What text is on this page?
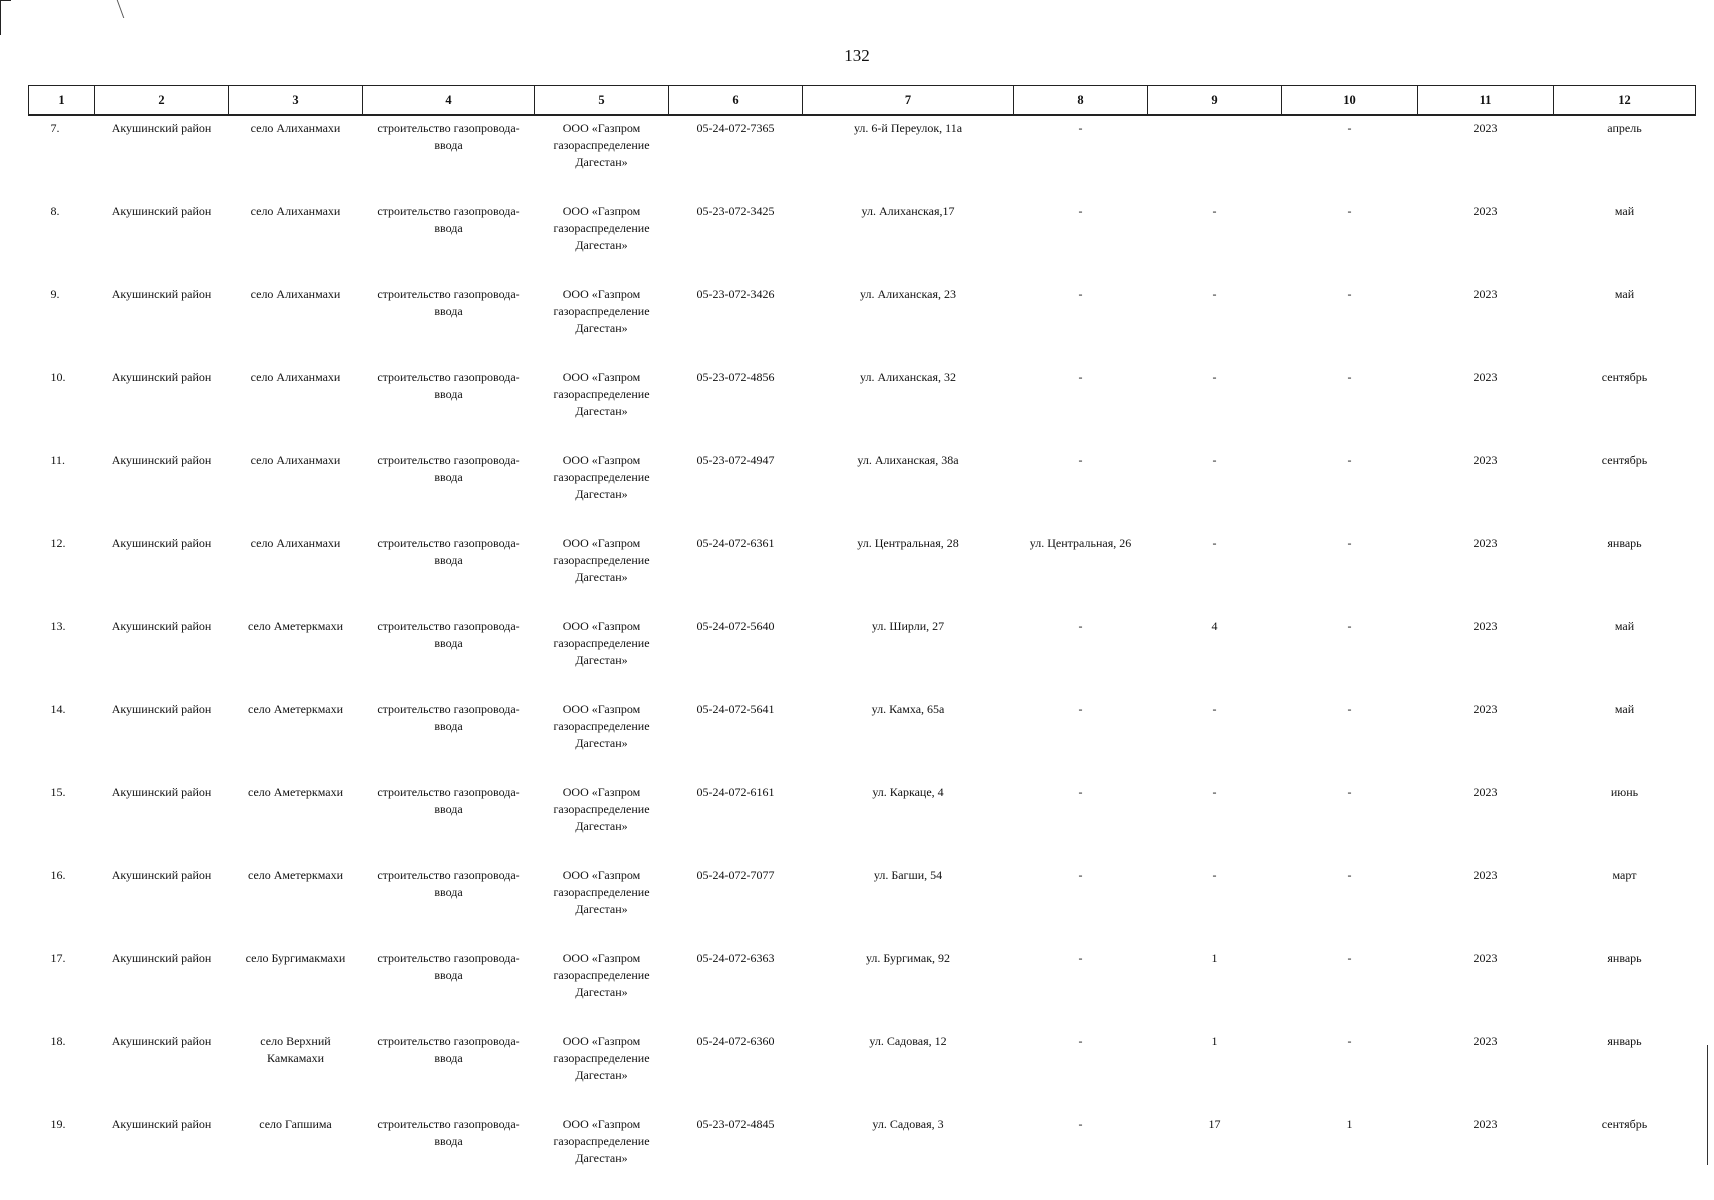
132
1	2	3	4	5	6	7	8	9	10	11	12
7.	Акушинский район	село Алиханмахи	строительство газопровода-ввода	ООО «Газпром газораспределение Дагестан»	05-24-072-7365	ул. 6-й Переулок, 11а	-		-	2023	апрель
8.	Акушинский район	село Алиханмахи	строительство газопровода-ввода	ООО «Газпром газораспределение Дагестан»	05-23-072-3425	ул. Алиханская,17	-	-	-	2023	май
9.	Акушинский район	село Алиханмахи	строительство газопровода-ввода	ООО «Газпром газораспределение Дагестан»	05-23-072-3426	ул. Алиханская, 23	-	-	-	2023	май
10.	Акушинский район	село Алиханмахи	строительство газопровода-ввода	ООО «Газпром газораспределение Дагестан»	05-23-072-4856	ул. Алиханская, 32	-	-	-	2023	сентябрь
11.	Акушинский район	село Алиханмахи	строительство газопровода-ввода	ООО «Газпром газораспределение Дагестан»	05-23-072-4947	ул. Алиханская, 38а	-	-	-	2023	сентябрь
12.	Акушинский район	село Алиханмахи	строительство газопровода-ввода	ООО «Газпром газораспределение Дагестан»	05-24-072-6361	ул. Центральная, 28	ул. Центральная, 26	-	-	2023	январь
13.	Акушинский район	село Аметеркмахи	строительство газопровода-ввода	ООО «Газпром газораспределение Дагестан»	05-24-072-5640	ул. Ширли, 27	-	4	-	2023	май
14.	Акушинский район	село Аметеркмахи	строительство газопровода-ввода	ООО «Газпром газораспределение Дагестан»	05-24-072-5641	ул. Камха, 65а	-	-	-	2023	май
15.	Акушинский район	село Аметеркмахи	строительство газопровода-ввода	ООО «Газпром газораспределение Дагестан»	05-24-072-6161	ул. Каркаце, 4	-	-	-	2023	июнь
16.	Акушинский район	село Аметеркмахи	строительство газопровода-ввода	ООО «Газпром газораспределение Дагестан»	05-24-072-7077	ул. Багши, 54	-	-	-	2023	март
17.	Акушинский район	село Бургимакмахи	строительство газопровода-ввода	ООО «Газпром газораспределение Дагестан»	05-24-072-6363	ул. Бургимак, 92	-	1	-	2023	январь
18.	Акушинский район	село Верхний Камкамахи	строительство газопровода-ввода	ООО «Газпром газораспределение Дагестан»	05-24-072-6360	ул. Садовая, 12	-	1	-	2023	январь
19.	Акушинский район	село Гапшима	строительство газопровода-ввода	ООО «Газпром газораспределение Дагестан»	05-23-072-4845	ул. Садовая, 3	-	17	1	2023	сентябрь
